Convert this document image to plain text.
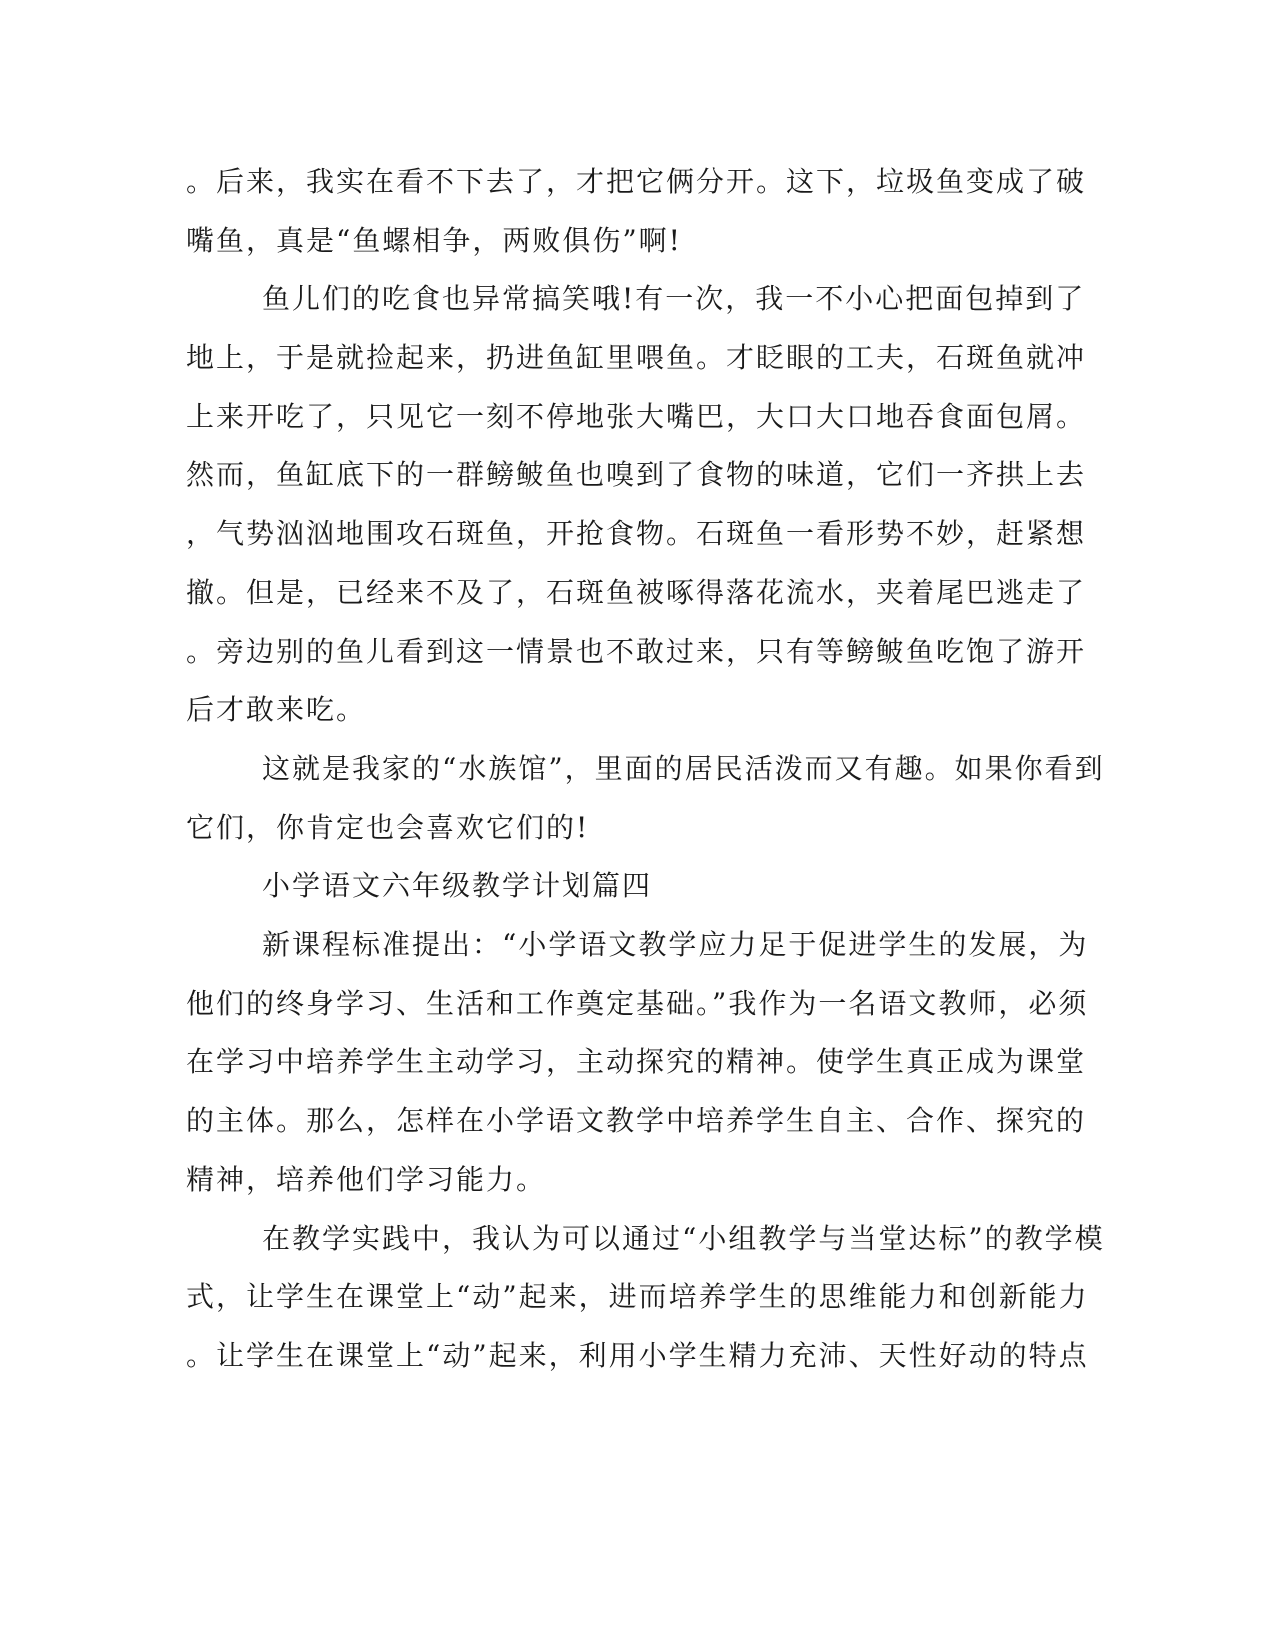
。后来，我实在看不下去了，才把它俩分开。这下，垃圾鱼变成了破
嘴鱼，真是“鱼螺相争，两败俱伤”啊!
鱼儿们的吃食也异常搞笑哦!有一次，我一不小心把面包掉到了
地上，于是就捡起来，扔进鱼缸里喂鱼。才眨眼的工夫，石斑鱼就冲
上来开吃了，只见它一刻不停地张大嘴巴，大口大口地吞食面包屑。
然而，鱼缸底下的一群鳑鲏鱼也嗅到了食物的味道，它们一齐拱上去
，气势汹汹地围攻石斑鱼，开抢食物。石斑鱼一看形势不妙，赶紧想
撤。但是，已经来不及了，石斑鱼被啄得落花流水，夹着尾巴逃走了
。旁边别的鱼儿看到这一情景也不敢过来，只有等鳑鲏鱼吃饱了游开
后才敢来吃。
这就是我家的“水族馆”，里面的居民活泼而又有趣。如果你看到
它们，你肯定也会喜欢它们的!
小学语文六年级教学计划篇四
新课程标准提出：“小学语文教学应力足于促进学生的发展，为
他们的终身学习、生活和工作奠定基础。”我作为一名语文教师，必须
在学习中培养学生主动学习，主动探究的精神。使学生真正成为课堂
的主体。那么，怎样在小学语文教学中培养学生自主、合作、探究的
精神，培养他们学习能力。
在教学实践中，我认为可以通过“小组教学与当堂达标”的教学模
式，让学生在课堂上“动”起来，进而培养学生的思维能力和创新能力
。让学生在课堂上“动”起来，利用小学生精力充沛、天性好动的特点
